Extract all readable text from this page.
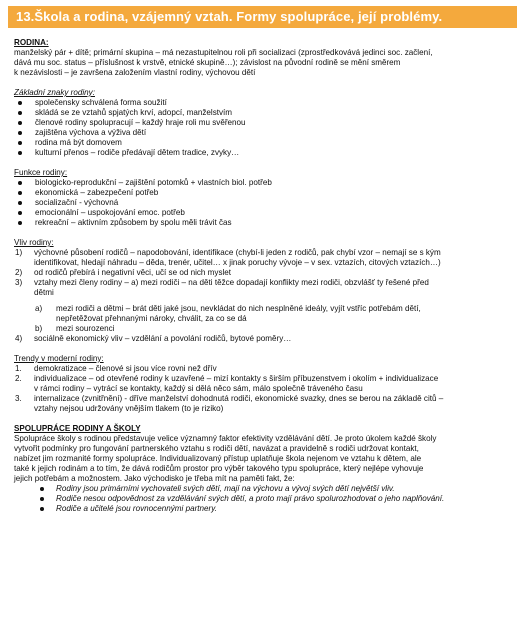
13.Škola a rodina, vzájemný vztah. Formy spolupráce, její problémy.

RODINA:

manželský pár + dítě; primární skupina – má nezastupitelnou roli při socializaci (zprostředkovává jedinci soc. začlení,

dává mu soc. status – příslušnost k vrstvě, etnické skupině…); závislost na původní rodině se mění směrem

k nezávislosti – je završena založením vlastní rodiny, výchovou dětí

Základní znaky rodiny:

společensky schválená forma soužití
skládá se ze vztahů spjatých krví, adopcí, manželstvím
členové rodiny spolupracují – každý hraje roli mu svěřenou
zajištěna výchova a výživa dětí
rodina má být domovem
kulturní přenos – rodiče předávají dětem tradice, zvyky…

Funkce rodiny:

biologicko-reprodukční – zajištění potomků + vlastních biol. potřeb
ekonomická – zabezpečení potřeb
socializační - výchovná
emocionální – uspokojování emoc. potřeb
rekreační – aktivním způsobem by spolu měli trávit čas

Vliv rodiny:

1) výchovné působení rodičů – napodobování, identifikace (chybí-li jeden z rodičů, pak chybí vzor – nemají se s kým
identifikovat, hledají náhradu – děda, trenér, učitel… x jinak poruchy vývoje – v sex. vztazích, citových vztazích…)
2) od rodičů přebírá i negativní věci, učí se od nich myslet
3) vztahy mezi členy rodiny – a) mezi rodiči – na děti těžce dopadají konflikty mezi rodiči, obzvlášť ty řešené před
dětmi
a) mezi rodiči a dětmi – brát děti jaké jsou, nevkládat do nich nesplněné ideály, vyjít vstříc potřebám dětí,
nepřetěžovat přehnanými nároky, chválit, za co se dá
b) mezi sourozenci
4) sociálně ekonomický vliv – vzdělání a povolání rodičů, bytové poměry…

Trendy v moderní rodiny:

1. demokratizace – členové si jsou více rovni než dřív
2. individualizace – od otevřené rodiny k uzavřené – mizí kontakty s širším příbuzenstvem i okolím + individualizace
v rámci rodiny – vytrácí se kontakty, každý si dělá něco sám, málo společně tráveného času
3. internalizace (zvnitřnění) - dříve manželství dohodnutá rodiči, ekonomické svazky, dnes se berou na základě citů –
vztahy nejsou udržovány vnějším tlakem (to je riziko)

SPOLUPRÁCE RODINY A ŠKOLY

Spolupráce školy s rodinou představuje velice významný faktor efektivity vzdělávání dětí. Je proto úkolem každé školy

vytvořit podmínky pro fungování partnerského vztahu s rodiči dětí, navázat a pravidelně s rodiči udržovat kontakt,

nabízet jim rozmanité formy spolupráce. Individualizovaný přístup uplatňuje škola nejenom ve vztahu k dětem, ale

také k jejich rodinám a to tím, že dává rodičům prostor pro výběr takového typu spolupráce, který nejlépe vyhovuje

jejich potřebám a možnostem. Jako východisko je třeba mít na paměti fakt, že:

Rodiny jsou primárními vychovateli svých dětí, mají na výchovu a vývoj svých dětí největší vliv.
Rodiče nesou odpovědnost za vzdělávání svých dětí, a proto mají právo spolurozhodovat o jeho naplňování.
Rodiče a učitelé jsou rovnocennými partnery.
